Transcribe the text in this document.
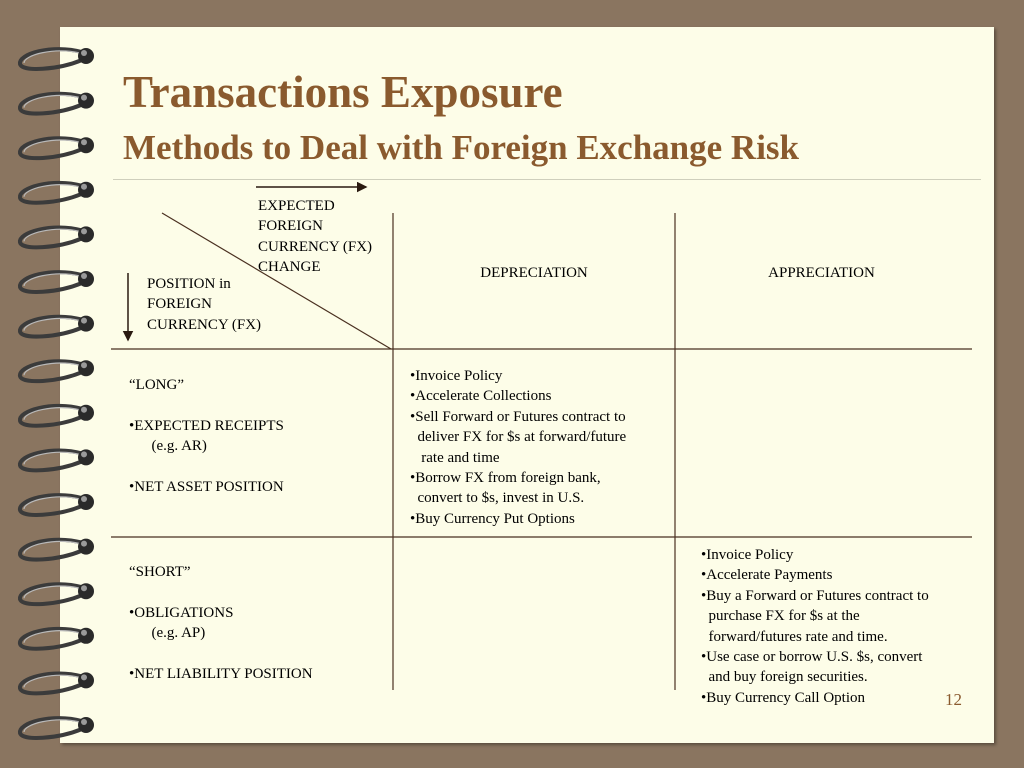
Transactions Exposure
Methods to Deal with Foreign Exchange Risk
EXPECTED
FOREIGN
CURRENCY (FX)
CHANGE
POSITION in
FOREIGN
CURRENCY (FX)
DEPRECIATION	APPRECIATION
“LONG”

•EXPECTED RECEIPTS
(e.g. AR)

•NET ASSET POSITION
•Invoice Policy
•Accelerate Collections
•Sell Forward or Futures contract to
deliver FX for $s at forward/future
rate and time
•Borrow FX from foreign bank,
convert to $s, invest in U.S.
•Buy Currency Put Options
“SHORT”

•OBLIGATIONS
(e.g. AP)

•NET LIABILITY POSITION
•Invoice Policy
•Accelerate Payments
•Buy a Forward or Futures contract to
purchase FX for $s at the
forward/futures rate and time.
•Use case or borrow U.S. $s, convert
and buy foreign securities.
•Buy Currency Call Option	12
